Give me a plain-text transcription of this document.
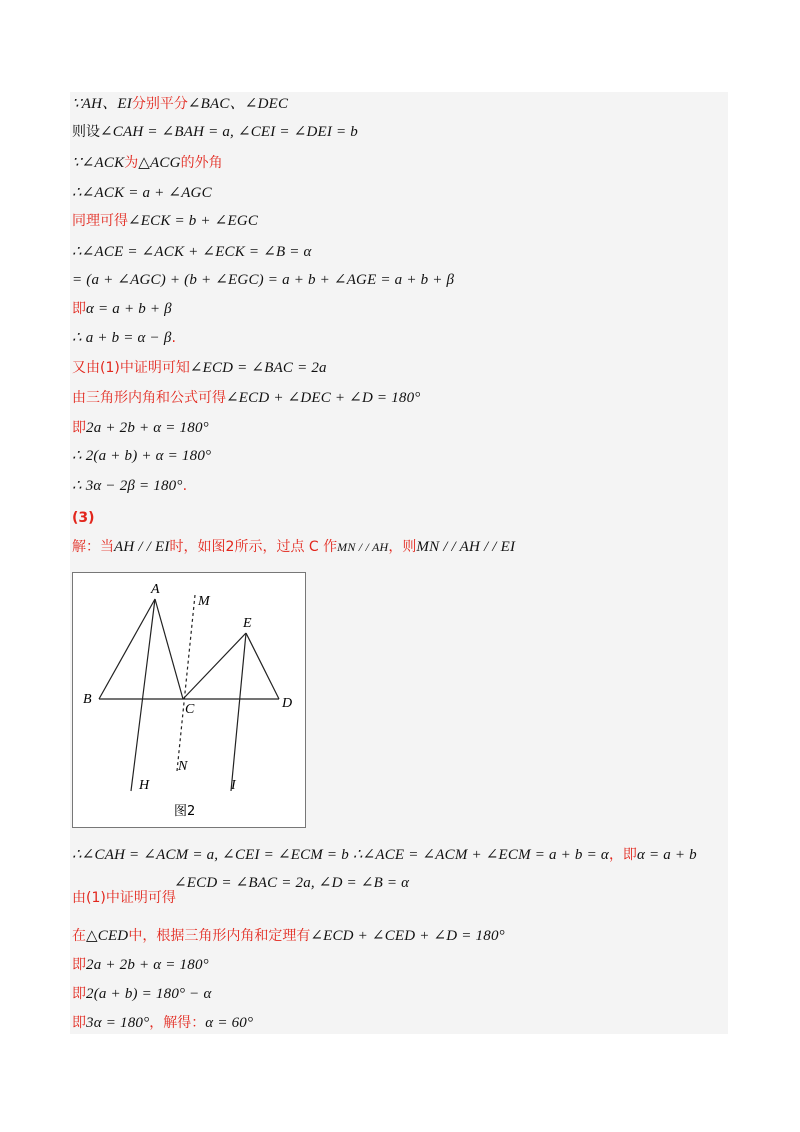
∵AH、EI分别平分∠BAC、∠DEC
则设∠CAH = ∠BAH = a, ∠CEI = ∠DEI = b
∵∠ACK为△ACG的外角
∴∠ACK = a + ∠AGC
同理可得∠ECK = b + ∠EGC
∴∠ACE = ∠ACK + ∠ECK = ∠B = α
= (a + ∠AGC) + (b + ∠EGC) = a + b + ∠AGE = a + b + β
即α = a + b + β
∴ a + b = α − β.
又由(1)中证明可知∠ECD = ∠BAC = 2a
由三角形内角和公式可得∠ECD + ∠DEC + ∠D = 180°
即2a + 2b + α = 180°
∴ 2(a + b) + α = 180°
∴ 3α − 2β = 180°.
(3)
解：当AH / / EI时，如图2所示，过点 C 作MN / / AH，则MN / / AH / / EI
A
M
E
B
C	D
N
H	I
图2
∴∠CAH = ∠ACM = a, ∠CEI = ∠ECM = b ∴∠ACE = ∠ACM + ∠ECM = a + b = α，即α = a + b
∠ECD = ∠BAC = 2a, ∠D = ∠B = α
由(1)中证明可得
在△CED中，根据三角形内角和定理有∠ECD + ∠CED + ∠D = 180°
即2a + 2b + α = 180°
即2(a + b) = 180° − α
即3α = 180°，解得：α = 60°
